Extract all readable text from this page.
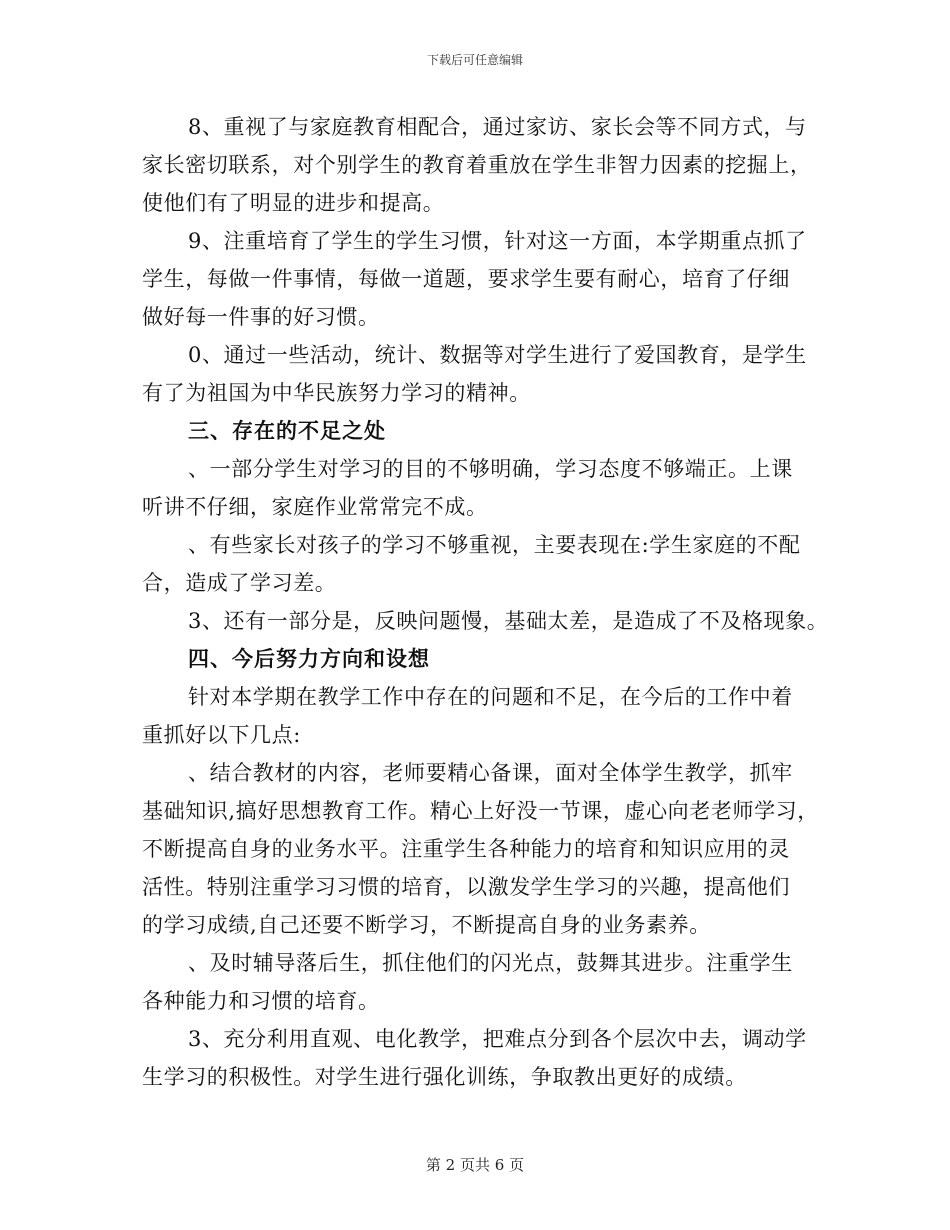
下载后可任意编辑
8、重视了与家庭教育相配合，通过家访、家长会等不同方式，与
家长密切联系，对个别学生的教育着重放在学生非智力因素的挖掘上，
使他们有了明显的进步和提高。
9、注重培育了学生的学生习惯，针对这一方面，本学期重点抓了
学生，每做一件事情，每做一道题，要求学生要有耐心，培育了仔细
做好每一件事的好习惯。
0、通过一些活动，统计、数据等对学生进行了爱国教育，是学生
有了为祖国为中华民族努力学习的精神。
三、存在的不足之处
、一部分学生对学习的目的不够明确，学习态度不够端正。上课
听讲不仔细，家庭作业常常完不成。
、有些家长对孩子的学习不够重视，主要表现在:学生家庭的不配
合，造成了学习差。
3、还有一部分是，反映问题慢，基础太差，是造成了不及格现象。
四、今后努力方向和设想
针对本学期在教学工作中存在的问题和不足，在今后的工作中着
重抓好以下几点:
、结合教材的内容，老师要精心备课，面对全体学生教学，抓牢
基础知识,搞好思想教育工作。精心上好没一节课，虚心向老老师学习，
不断提高自身的业务水平。注重学生各种能力的培育和知识应用的灵
活性。特别注重学习习惯的培育，以激发学生学习的兴趣，提高他们
的学习成绩,自己还要不断学习，不断提高自身的业务素养。
、及时辅导落后生，抓住他们的闪光点，鼓舞其进步。注重学生
各种能力和习惯的培育。
3、充分利用直观、电化教学，把难点分到各个层次中去，调动学
生学习的积极性。对学生进行强化训练，争取教出更好的成绩。
第 2 页共 6 页
